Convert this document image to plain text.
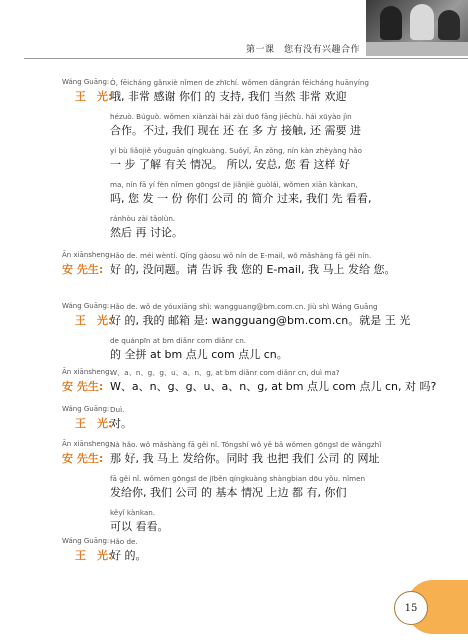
第一课　您有没有兴趣合作
Wáng Guāng:
王　光:
Ò, fēicháng gǎnxiè nǐmen de zhīchí. wǒmen dāngrán fēicháng huānyíng
哦, 非常 感谢 你们 的 支持, 我们 当然 非常 欢迎
hézuò. Búguò. wǒmen xiànzài hái zài duō fāng jiēchù. hái xūyào jìn
合作。不过, 我们 现在 还 在 多 方 接触, 还 需要 进
yí bù liǎojiě yǒuguān qíngkuàng. Suǒyǐ, Ān zǒng, nín kàn zhèyàng hǎo
一 步 了解 有关 情况。 所以, 安总, 您 看 这样 好
ma, nín fā yí fèn nǐmen gōngsī de jiǎnjiè guòlái, wǒmen xiān kànkan,
吗, 您 发 一 份 你们 公司 的 简介 过来, 我们 先 看看,
ránhòu zài tǎolùn.
然后 再 讨论。
Ān xiānsheng:
安 先生:
Hǎo de. méi wèntí. Qǐng gàosu wǒ nín de E-mail, wǒ mǎshàng fā gěi nín.
好 的, 没问题。请 告诉 我 您的 E-mail, 我 马上 发给 您。
Wáng Guāng:
王　光:
Hǎo de. wǒ de yóuxiāng shì: wangguang@bm.com.cn. Jiù shì Wáng Guāng
好 的, 我的 邮箱 是: wangguang@bm.com.cn。就是 王 光
de quánpīn at bm diǎnr com diǎnr cn.
的 全拼 at bm 点儿 com 点儿 cn。
Ān xiānsheng:
安 先生:
W、a、n、g、g、u、a、n、g, at bm diǎnr com diǎnr cn, duì ma?
W、a、n、g、g、u、a、n、g, at bm 点儿 com 点儿 cn, 对 吗?
Wáng Guāng:
王　光:
Duì.
对。
Ān xiānsheng:
安 先生:
Nà hǎo. wǒ mǎshàng fā gěi nǐ. Tóngshí wǒ yě bǎ wǒmen gōngsī de wǎngzhǐ
那 好, 我 马上 发给你。同时 我 也把 我们 公司 的 网址
fā gěi nǐ. wǒmen gōngsī de jīběn qíngkuàng shàngbian dōu yǒu. nǐmen
发给你, 我们 公司 的 基本 情况 上边 都 有, 你们
kěyǐ kànkan.
可以 看看。
Wáng Guāng:
王　光:
Hǎo de.
好 的。
15
